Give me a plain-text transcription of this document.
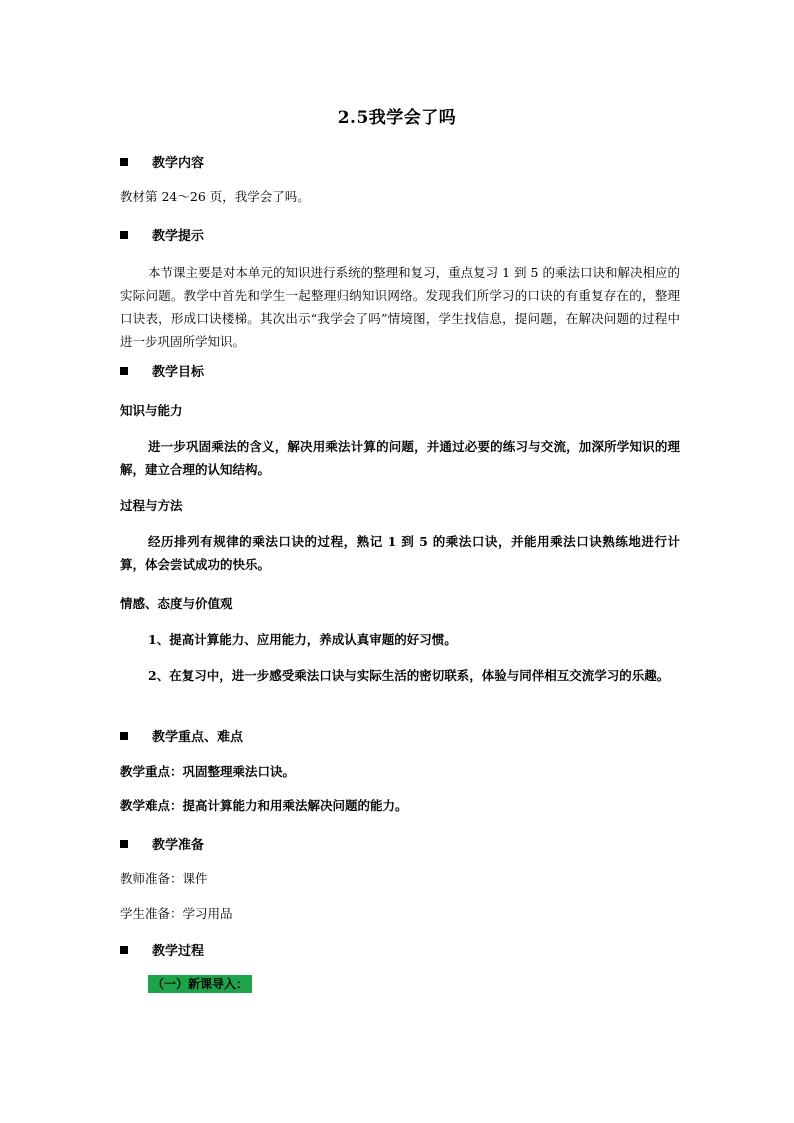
2.5我学会了吗
教学内容
教材第 24～26 页，我学会了吗。
教学提示
本节课主要是对本单元的知识进行系统的整理和复习，重点复习 1 到 5 的乘法口诀和解决相应的实际问题。教学中首先和学生一起整理归纳知识网络。发现我们所学习的口诀的有重复存在的，整理口诀表，形成口诀楼梯。其次出示“我学会了吗”情境图，学生找信息，提问题，在解决问题的过程中进一步巩固所学知识。
教学目标
知识与能力
进一步巩固乘法的含义，解决用乘法计算的问题，并通过必要的练习与交流，加深所学知识的理解，建立合理的认知结构。
过程与方法
经历排列有规律的乘法口诀的过程，熟记 1 到 5 的乘法口诀，并能用乘法口诀熟练地进行计算，体会尝试成功的快乐。
情感、态度与价值观
1、提高计算能力、应用能力，养成认真审题的好习惯。
2、在复习中，进一步感受乘法口诀与实际生活的密切联系，体验与同伴相互交流学习的乐趣。
教学重点、难点
教学重点：巩固整理乘法口诀。
教学难点：提高计算能力和用乘法解决问题的能力。
教学准备
教师准备：课件
学生准备：学习用品
教学过程
（一）新课导入：
